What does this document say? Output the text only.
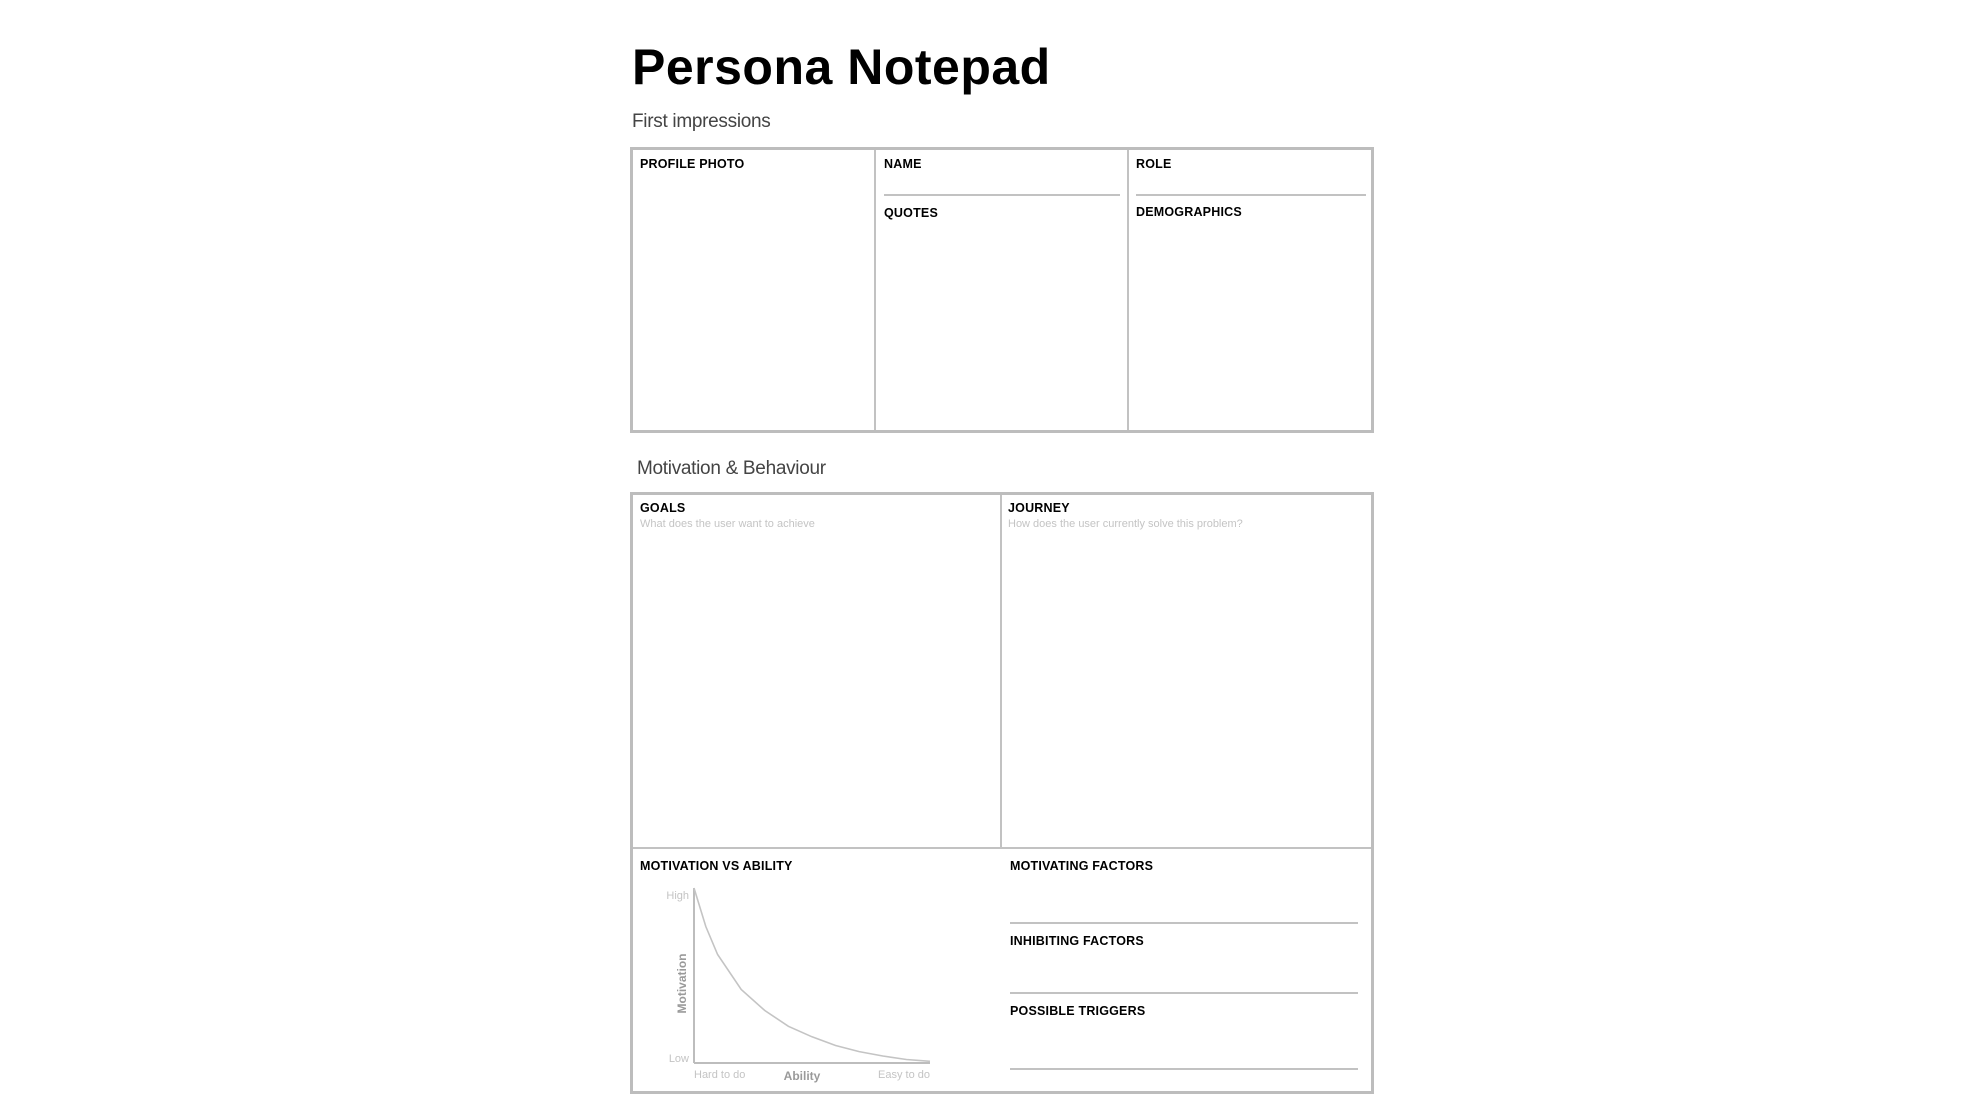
Persona Notepad
First impressions
PROFILE PHOTO	NAME	ROLE
QUOTES	DEMOGRAPHICS
Motivation & Behaviour
GOALS
What does the user want to achieve
JOURNEY
How does the user currently solve this problem?
MOTIVATION VS ABILITY	MOTIVATING FACTORS
INHIBITING FACTORS
POSSIBLE TRIGGERS
High
Low
Hard to do	Easy to do
Ability
Motivation
